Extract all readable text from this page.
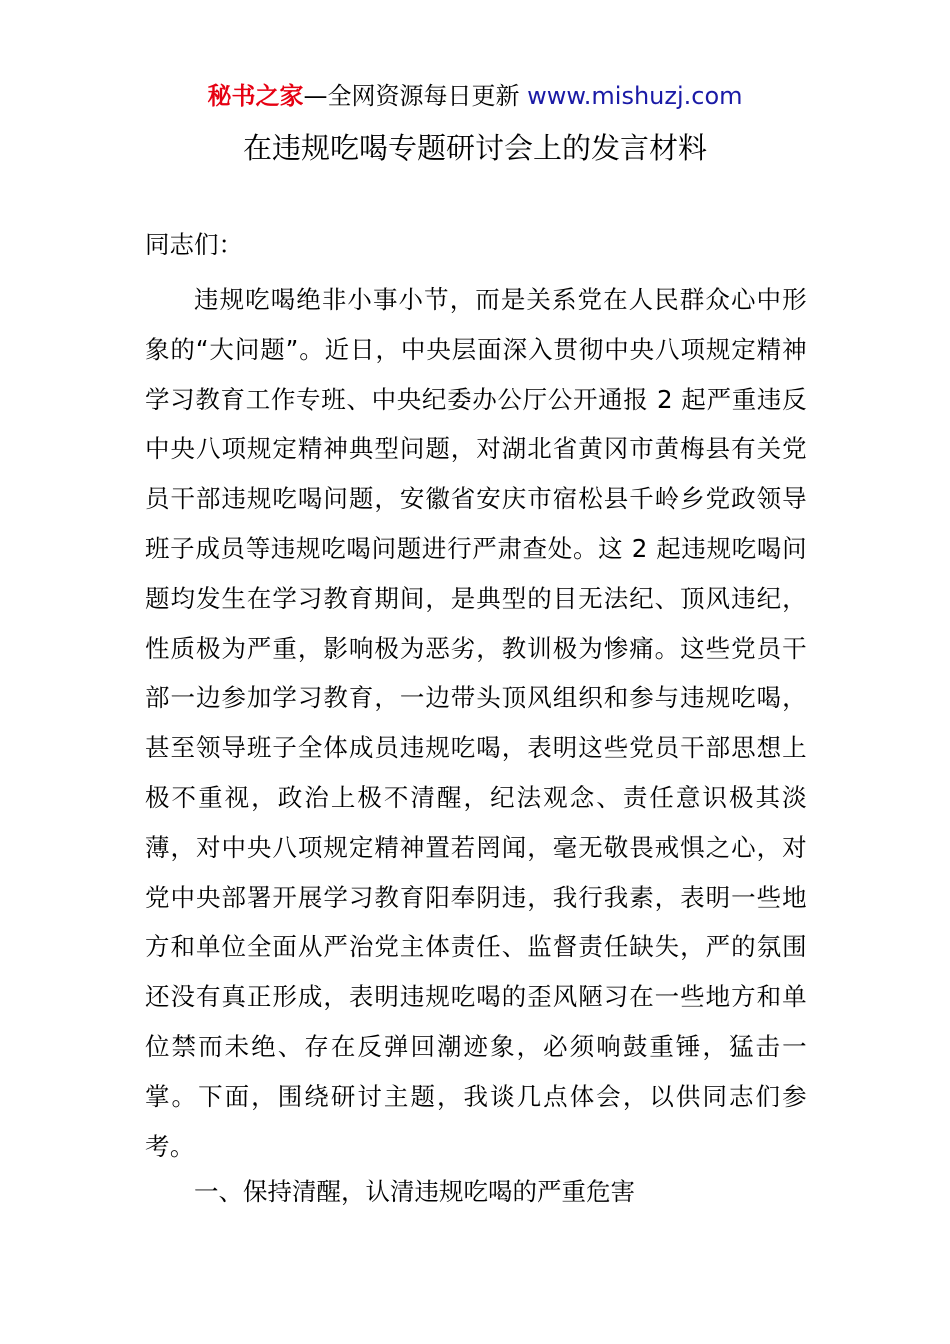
秘书之家—全网资源每日更新 www.mishuzj.com
在违规吃喝专题研讨会上的发言材料
同志们：

违规吃喝绝非小事小节，而是关系党在人民群众心中形象的“大问题”。近日，中央层面深入贯彻中央八项规定精神学习教育工作专班、中央纪委办公厅公开通报 2 起严重违反中央八项规定精神典型问题，对湖北省黄冈市黄梅县有关党员干部违规吃喝问题，安徽省安庆市宿松县千岭乡党政领导班子成员等违规吃喝问题进行严肃查处。这 2 起违规吃喝问题均发生在学习教育期间，是典型的目无法纪、顶风违纪，性质极为严重，影响极为恶劣，教训极为惨痛。这些党员干部一边参加学习教育，一边带头顶风组织和参与违规吃喝，甚至领导班子全体成员违规吃喝，表明这些党员干部思想上极不重视，政治上极不清醒，纪法观念、责任意识极其淡薄，对中央八项规定精神置若罔闻，毫无敬畏戒惧之心，对党中央部署开展学习教育阳奉阴违，我行我素，表明一些地方和单位全面从严治党主体责任、监督责任缺失，严的氛围还没有真正形成，表明违规吃喝的歪风陋习在一些地方和单位禁而未绝、存在反弹回潮迹象，必须响鼓重锤，猛击一掌。下面，围绕研讨主题，我谈几点体会，以供同志们参考。

一、保持清醒，认清违规吃喝的严重危害
